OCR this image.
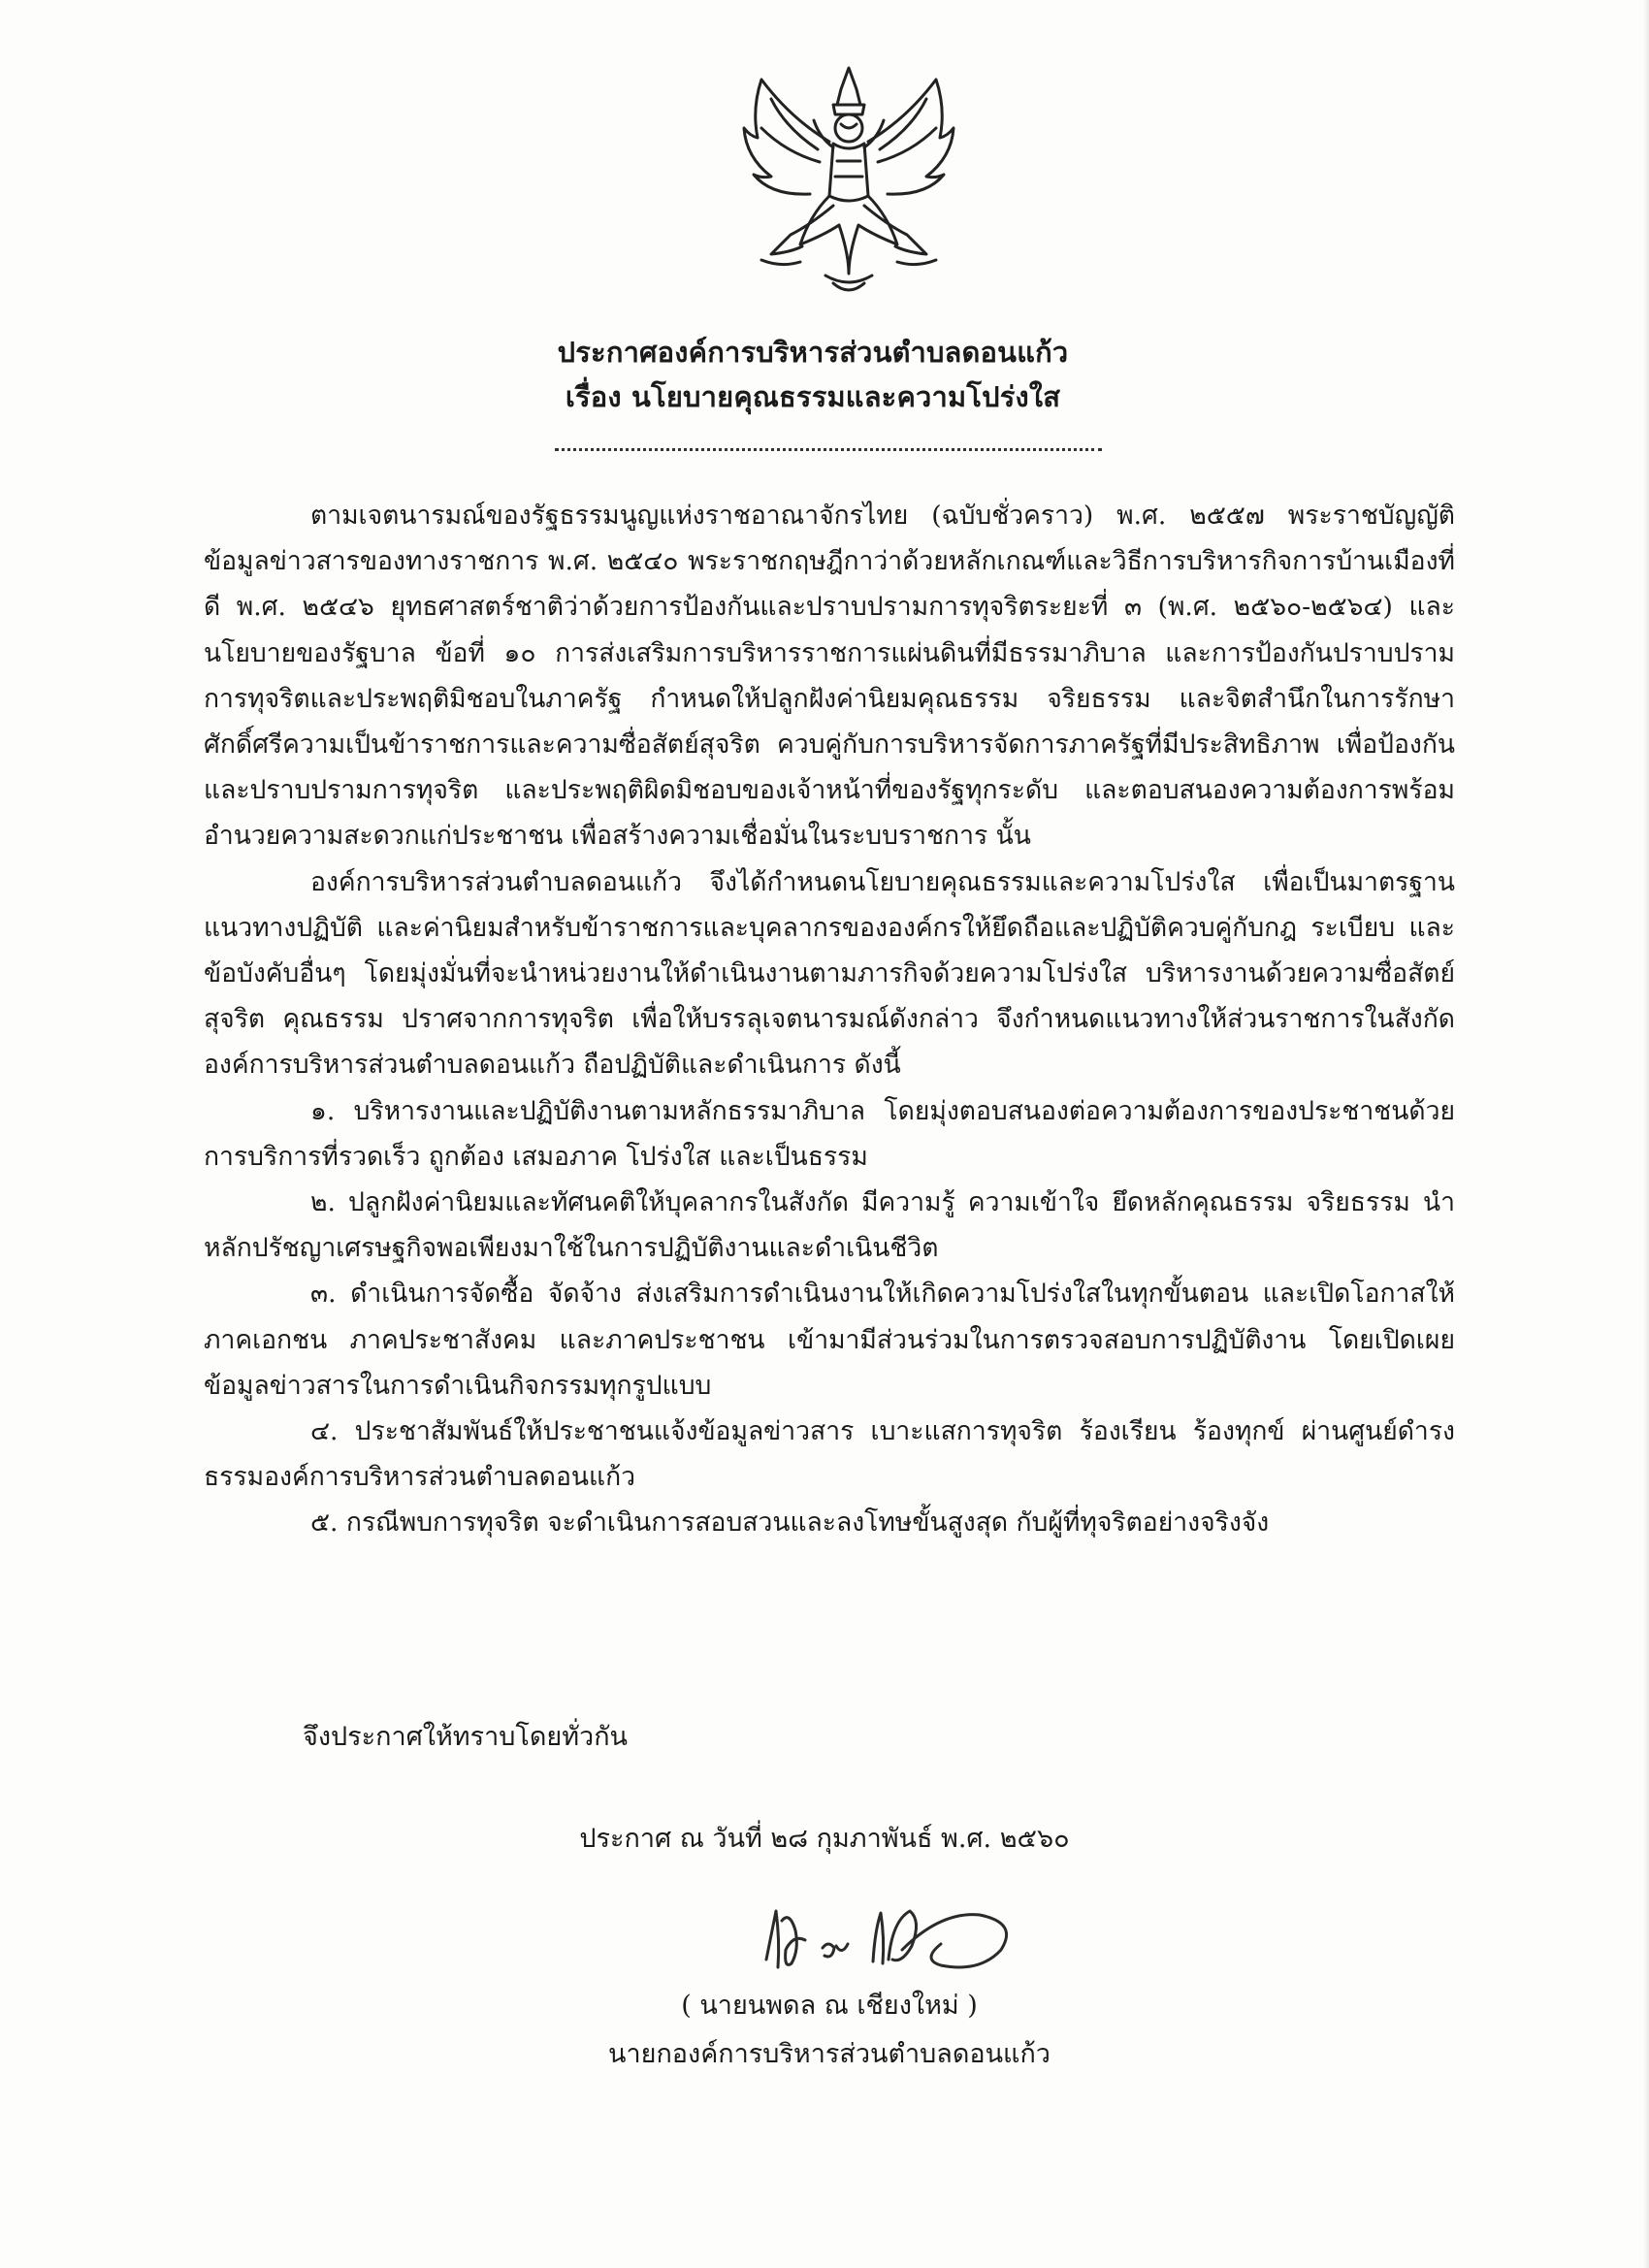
ประกาศองค์การบริหารส่วนตำบลดอนแก้ว
เรื่อง นโยบายคุณธรรมและความโปร่งใส

ตามเจตนารมณ์ของรัฐธรรมนูญแห่งราชอาณาจักรไทย (ฉบับชั่วคราว) พ.ศ. ๒๕๕๗ พระราชบัญญัติข้อมูลข่าวสารของทางราชการ พ.ศ. ๒๕๔๐ พระราชกฤษฎีกาว่าด้วยหลักเกณฑ์และวิธีการบริหารกิจการบ้านเมืองที่ดี พ.ศ. ๒๕๔๖ ยุทธศาสตร์ชาติว่าด้วยการป้องกันและปราบปรามการทุจริตระยะที่ ๓ (พ.ศ. ๒๕๖๐-๒๕๖๔) และนโยบายของรัฐบาล ข้อที่ ๑๐ การส่งเสริมการบริหารราชการแผ่นดินที่มีธรรมาภิบาล และการป้องกันปราบปรามการทุจริตและประพฤติมิชอบในภาครัฐ กำหนดให้ปลูกฝังค่านิยมคุณธรรม จริยธรรม และจิตสำนึกในการรักษาศักดิ์ศรีความเป็นข้าราชการและความซื่อสัตย์สุจริต ควบคู่กับการบริหารจัดการภาครัฐที่มีประสิทธิภาพ เพื่อป้องกันและปราบปรามการทุจริต และประพฤติผิดมิชอบของเจ้าหน้าที่ของรัฐทุกระดับ และตอบสนองความต้องการพร้อมอำนวยความสะดวกแก่ประชาชน เพื่อสร้างความเชื่อมั่นในระบบราชการ นั้น

องค์การบริหารส่วนตำบลดอนแก้ว จึงได้กำหนดนโยบายคุณธรรมและความโปร่งใส เพื่อเป็นมาตรฐาน แนวทางปฏิบัติ และค่านิยมสำหรับข้าราชการและบุคลากรขององค์กรให้ยึดถือและปฏิบัติควบคู่กับกฎ ระเบียบ และข้อบังคับอื่นๆ โดยมุ่งมั่นที่จะนำหน่วยงานให้ดำเนินงานตามภารกิจด้วยความโปร่งใส บริหารงานด้วยความซื่อสัตย์สุจริต คุณธรรม ปราศจากการทุจริต เพื่อให้บรรลุเจตนารมณ์ดังกล่าว จึงกำหนดแนวทางให้ส่วนราชการในสังกัดองค์การบริหารส่วนตำบลดอนแก้ว ถือปฏิบัติและดำเนินการ ดังนี้

๑. บริหารงานและปฏิบัติงานตามหลักธรรมาภิบาล โดยมุ่งตอบสนองต่อความต้องการของประชาชนด้วยการบริการที่รวดเร็ว ถูกต้อง เสมอภาค โปร่งใส และเป็นธรรม

๒. ปลูกฝังค่านิยมและทัศนคติให้บุคลากรในสังกัด มีความรู้ ความเข้าใจ ยึดหลักคุณธรรม จริยธรรม นำหลักปรัชญาเศรษฐกิจพอเพียงมาใช้ในการปฏิบัติงานและดำเนินชีวิต

๓. ดำเนินการจัดซื้อ จัดจ้าง ส่งเสริมการดำเนินงานให้เกิดความโปร่งใสในทุกขั้นตอน และเปิดโอกาสให้ภาคเอกชน ภาคประชาสังคม และภาคประชาชน เข้ามามีส่วนร่วมในการตรวจสอบการปฏิบัติงาน โดยเปิดเผยข้อมูลข่าวสารในการดำเนินกิจกรรมทุกรูปแบบ

๔. ประชาสัมพันธ์ให้ประชาชนแจ้งข้อมูลข่าวสาร เบาะแสการทุจริต ร้องเรียน ร้องทุกข์ ผ่านศูนย์ดำรงธรรมองค์การบริหารส่วนตำบลดอนแก้ว

๕. กรณีพบการทุจริต จะดำเนินการสอบสวนและลงโทษขั้นสูงสุด กับผู้ที่ทุจริตอย่างจริงจัง

จึงประกาศให้ทราบโดยทั่วกัน
ประกาศ ณ วันที่ ๒๘ กุมภาพันธ์ พ.ศ. ๒๕๖๐
( นายนพดล ณ เชียงใหม่ )
นายกองค์การบริหารส่วนตำบลดอนแก้ว
